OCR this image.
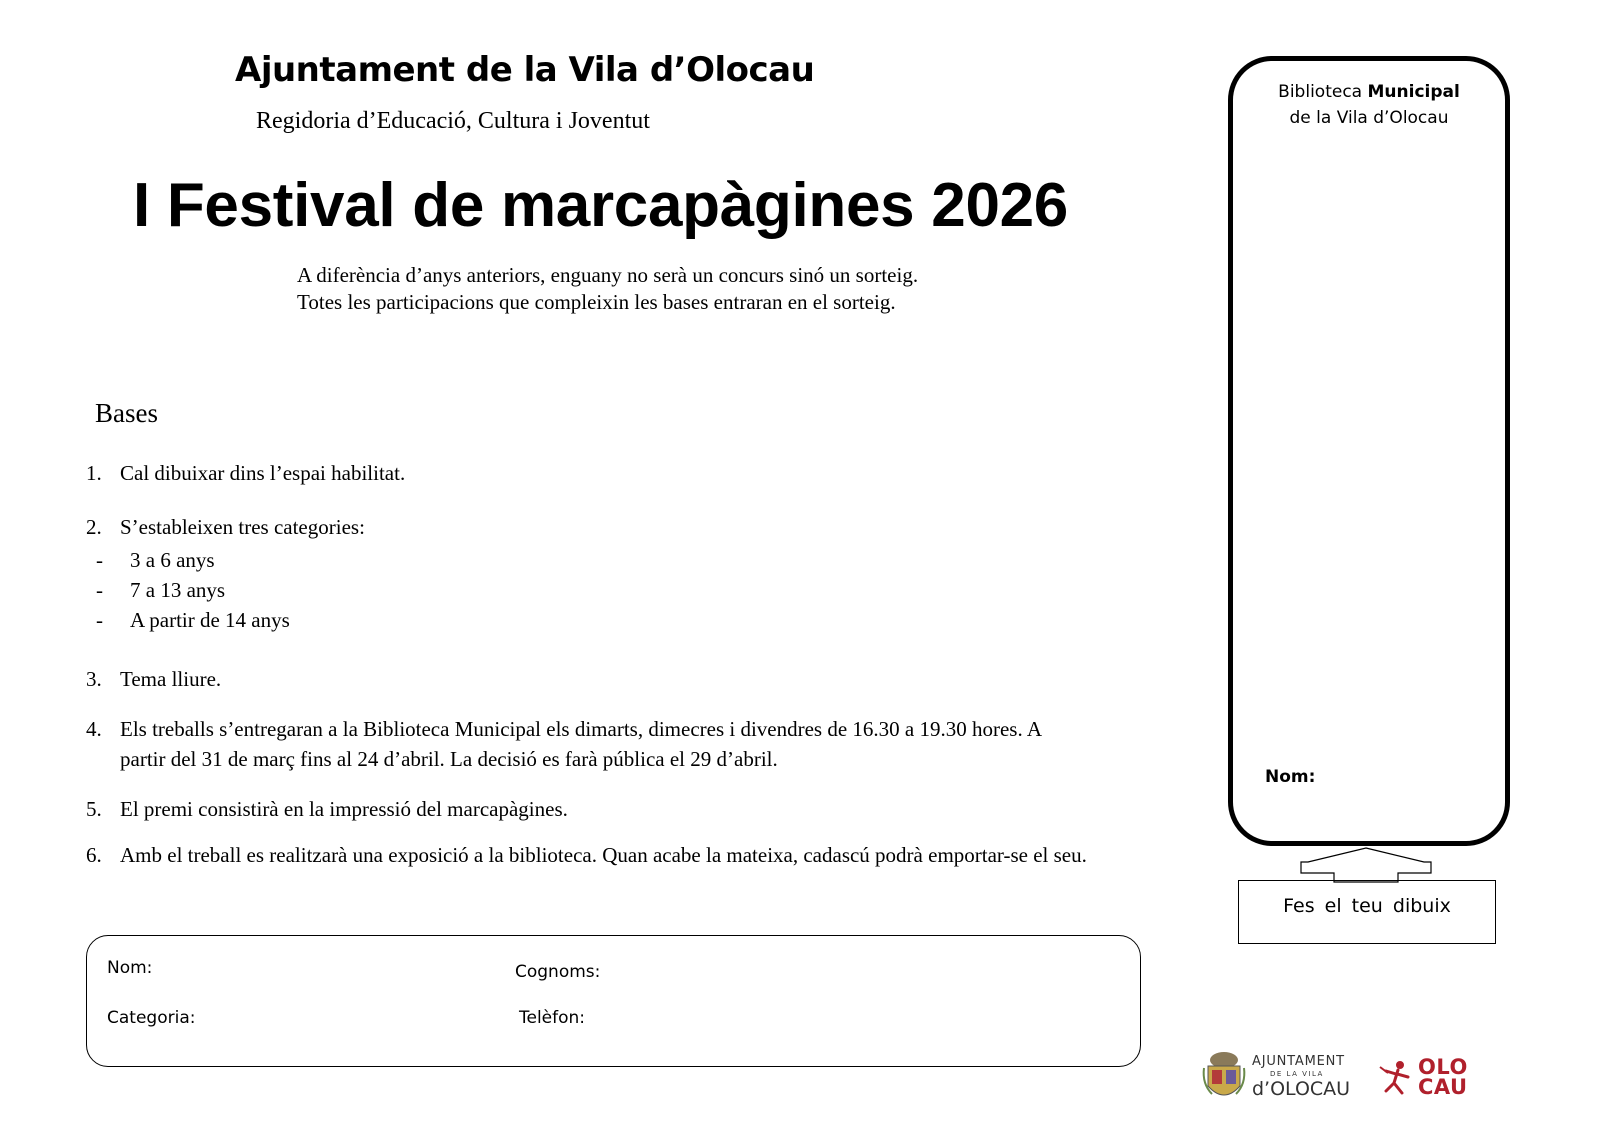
Ajuntament de la Vila d’Olocau
Regidoria d’Educació, Cultura i Joventut
I Festival de marcapàgines 2026
A diferència d’anys anteriors, enguany no serà un concurs sinó un sorteig.
Totes les participacions que compleixin les bases entraran en el sorteig.
Bases
1. Cal dibuixar dins l’espai habilitat.
2. S’estableixen tres categories:
- 3 a 6 anys
- 7 a 13 anys
- A partir de 14 anys
3. Tema lliure.
4. Els treballs s’entregaran a la Biblioteca Municipal els dimarts, dimecres i divendres de 16.30 a 19.30 hores. A
partir del 31 de març fins al 24 d’abril. La decisió es farà pública el 29 d’abril.
5. El premi consistirà en la impressió del marcapàgines.
6. Amb el treball es realitzarà una exposició a la biblioteca. Quan acabe la mateixa, cadascú podrà emportar-se el seu.
Nom:	Cognoms:
Categoria:	Telèfon:
Biblioteca Municipal
de la Vila d’Olocau
Nom:
Fes el teu dibuix
AJUNTAMENT
DE LA VILA
d’OLOCAU
OLO
CAU
